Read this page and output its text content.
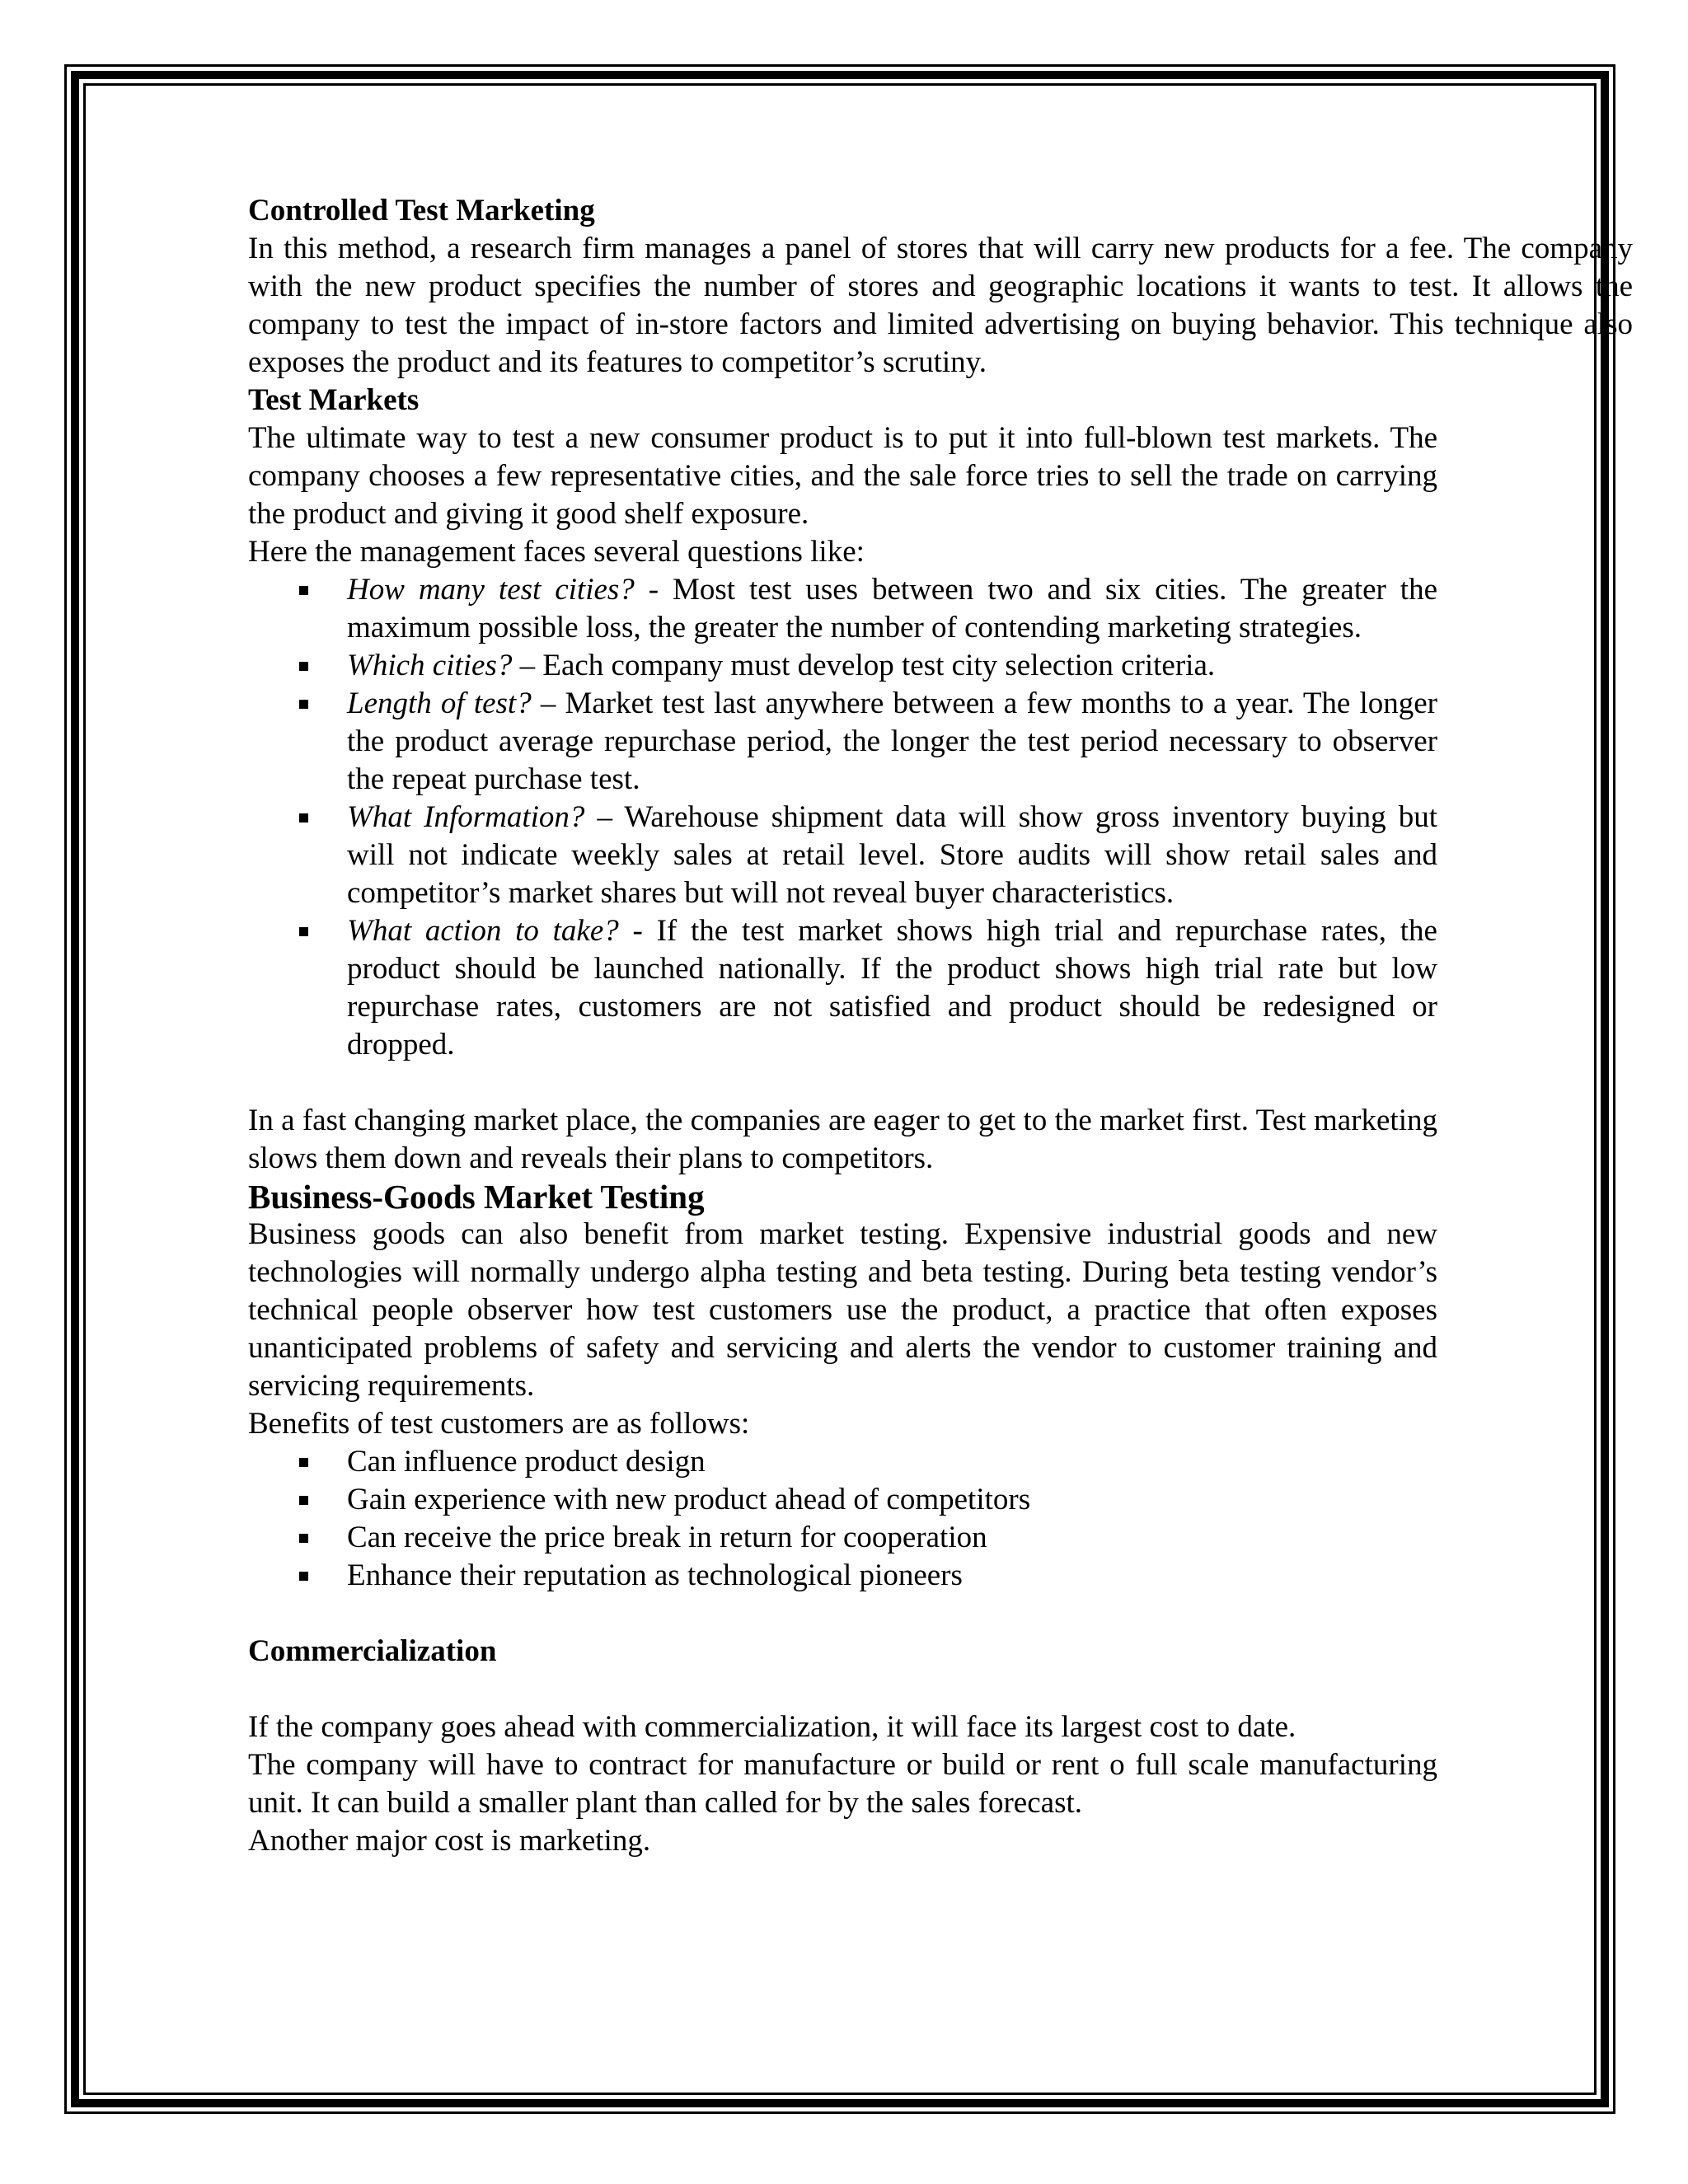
Controlled Test Marketing

In this method, a research firm manages a panel of stores that will carry new products for a fee. The company with the new product specifies the number of stores and geographic locations it wants to test. It allows the company to test the impact of in-store factors and limited advertising on buying behavior. This technique also exposes the product and its features to competitor’s scrutiny.

Test Markets

The ultimate way to test a new consumer product is to put it into full-blown test markets. The company chooses a few representative cities, and the sale force tries to sell the trade on carrying the product and giving it good shelf exposure.

Here the management faces several questions like:

How many test cities? - Most test uses between two and six cities. The greater the maximum possible loss, the greater the number of contending marketing strategies.
Which cities? – Each company must develop test city selection criteria.
Length of test? – Market test last anywhere between a few months to a year. The longer the product average repurchase period, the longer the test period necessary to observer the repeat purchase test.
What Information? – Warehouse shipment data will show gross inventory buying but will not indicate weekly sales at retail level. Store audits will show retail sales and competitor’s market shares but will not reveal buyer characteristics.
What action to take? - If the test market shows high trial and repurchase rates, the product should be launched nationally. If the product shows high trial rate but low repurchase rates, customers are not satisfied and product should be redesigned or dropped.

In a fast changing market place, the companies are eager to get to the market first. Test marketing slows them down and reveals their plans to competitors.

Business-Goods Market Testing

Business goods can also benefit from market testing. Expensive industrial goods and new technologies will normally undergo alpha testing and beta testing. During beta testing vendor’s technical people observer how test customers use the product, a practice that often exposes unanticipated problems of safety and servicing and alerts the vendor to customer training and servicing requirements.

Benefits of test customers are as follows:

Can influence product design
Gain experience with new product ahead of competitors
Can receive the price break in return for cooperation
Enhance their reputation as technological pioneers

Commercialization

If the company goes ahead with commercialization, it will face its largest cost to date.

The company will have to contract for manufacture or build or rent o full scale manufacturing unit. It can build a smaller plant than called for by the sales forecast.

Another major cost is marketing.
